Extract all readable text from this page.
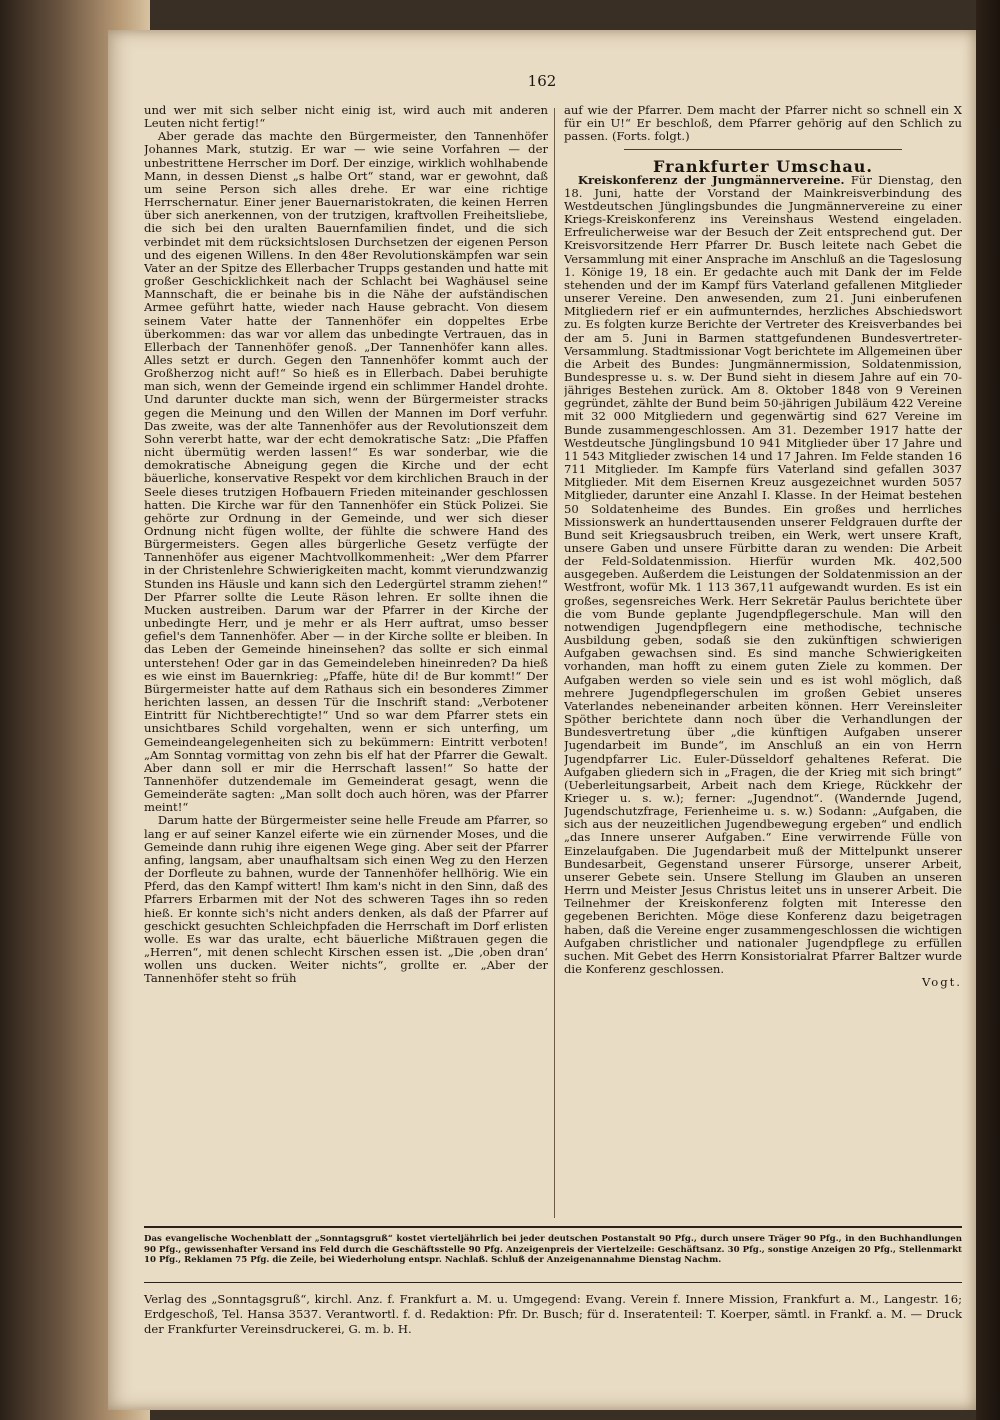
162

und wer mit sich selber nicht einig ist, wird auch mit anderen Leuten nicht fertig!“

Aber gerade das machte den Bürgermeister, den Tannenhöfer Johannes Mark, stutzig. Er war — wie seine Vorfahren — der unbestrittene Herrscher im Dorf. Der einzige, wirklich wohlhabende Mann, in dessen Dienst „s halbe Ort“ stand, war er gewohnt, daß um seine Person sich alles drehe. Er war eine richtige Herrschernatur. Einer jener Bauernaristokraten, die keinen Herren über sich anerkennen, von der trutzigen, kraftvollen Freiheitsliebe, die sich bei den uralten Bauernfamilien findet, und die sich verbindet mit dem rücksichtslosen Durchsetzen der eigenen Person und des eigenen Willens. In den 48er Revolutionskämpfen war sein Vater an der Spitze des Ellerbacher Trupps gestanden und hatte mit großer Geschicklichkeit nach der Schlacht bei Waghäusel seine Mannschaft, die er beinahe bis in die Nähe der aufständischen Armee geführt hatte, wieder nach Hause gebracht. Von diesem seinem Vater hatte der Tannenhöfer ein doppeltes Erbe überkommen: das war vor allem das unbedingte Vertrauen, das in Ellerbach der Tannenhöfer genoß. „Der Tannenhöfer kann alles. Alles setzt er durch. Gegen den Tannenhöfer kommt auch der Großherzog nicht auf!“ So hieß es in Ellerbach. Dabei beruhigte man sich, wenn der Gemeinde irgend ein schlimmer Handel drohte. Und darunter duckte man sich, wenn der Bürgermeister stracks gegen die Meinung und den Willen der Mannen im Dorf verfuhr. Das zweite, was der alte Tannenhöfer aus der Revolutionszeit dem Sohn vererbt hatte, war der echt demokratische Satz: „Die Pfaffen nicht übermütig werden lassen!“ Es war sonderbar, wie die demokratische Abneigung gegen die Kirche und der echt bäuerliche, konservative Respekt vor dem kirchlichen Brauch in der Seele dieses trutzigen Hofbauern Frieden miteinander geschlossen hatten. Die Kirche war für den Tannenhöfer ein Stück Polizei. Sie gehörte zur Ordnung in der Gemeinde, und wer sich dieser Ordnung nicht fügen wollte, der fühlte die schwere Hand des Bürgermeisters. Gegen alles bürgerliche Gesetz verfügte der Tannenhöfer aus eigener Machtvollkommenheit: „Wer dem Pfarrer in der Christenlehre Schwierigkeiten macht, kommt vierundzwanzig Stunden ins Häusle und kann sich den Ledergürtel stramm ziehen!“ Der Pfarrer sollte die Leute Räson lehren. Er sollte ihnen die Mucken austreiben. Darum war der Pfarrer in der Kirche der unbedingte Herr, und je mehr er als Herr auftrat, umso besser gefiel's dem Tannenhöfer. Aber — in der Kirche sollte er bleiben. In das Leben der Gemeinde hineinsehen? das sollte er sich einmal unterstehen! Oder gar in das Gemeindeleben hineinreden? Da hieß es wie einst im Bauernkrieg: „Pfaffe, hüte di! de Bur kommt!“ Der Bürgermeister hatte auf dem Rathaus sich ein besonderes Zimmer herichten lassen, an dessen Tür die Inschrift stand: „Verbotener Eintritt für Nichtberechtigte!“ Und so war dem Pfarrer stets ein unsichtbares Schild vorgehalten, wenn er sich unterfing, um Gemeindeangelegenheiten sich zu bekümmern: Eintritt verboten! „Am Sonntag vormittag von zehn bis elf hat der Pfarrer die Gewalt. Aber dann soll er mir die Herrschaft lassen!“ So hatte der Tannenhöfer dutzendemale im Gemeinderat gesagt, wenn die Gemeinderäte sagten: „Man sollt doch auch hören, was der Pfarrer meint!“

Darum hatte der Bürgermeister seine helle Freude am Pfarrer, so lang er auf seiner Kanzel eiferte wie ein zürnender Moses, und die Gemeinde dann ruhig ihre eigenen Wege ging. Aber seit der Pfarrer anfing, langsam, aber unaufhaltsam sich einen Weg zu den Herzen der Dorfleute zu bahnen, wurde der Tannenhöfer hellhörig. Wie ein Pferd, das den Kampf wittert! Ihm kam's nicht in den Sinn, daß des Pfarrers Erbarmen mit der Not des schweren Tages ihn so reden hieß. Er konnte sich's nicht anders denken, als daß der Pfarrer auf geschickt gesuchten Schleichpfaden die Herrschaft im Dorf erlisten wolle. Es war das uralte, echt bäuerliche Mißtrauen gegen die „Herren“, mit denen schlecht Kirschen essen ist. „Die ‚oben dran‘ wollen uns ducken. Weiter nichts“, grollte er. „Aber der Tannenhöfer steht so früh

auf wie der Pfarrer. Dem macht der Pfarrer nicht so schnell ein X für ein U!“ Er beschloß, dem Pfarrer gehörig auf den Schlich zu passen. (Forts. folgt.)

Frankfurter Umschau.

Kreiskonferenz der Jungmännervereine. Für Dienstag, den 18. Juni, hatte der Vorstand der Mainkreisverbindung des Westdeutschen Jünglingsbundes die Jungmännervereine zu einer Kriegs-Kreiskonferenz ins Vereinshaus Westend eingeladen. Erfreulicherweise war der Besuch der Zeit entsprechend gut. Der Kreisvorsitzende Herr Pfarrer Dr. Busch leitete nach Gebet die Versammlung mit einer Ansprache im Anschluß an die Tageslosung 1. Könige 19, 18 ein. Er gedachte auch mit Dank der im Felde stehenden und der im Kampf fürs Vaterland gefallenen Mitglieder unserer Vereine. Den anwesenden, zum 21. Juni einberufenen Mitgliedern rief er ein aufmunterndes, herzliches Abschiedswort zu. Es folgten kurze Berichte der Vertreter des Kreisverbandes bei der am 5. Juni in Barmen stattgefundenen Bundesvertreter-Versammlung. Stadtmissionar Vogt berichtete im Allgemeinen über die Arbeit des Bundes: Jungmännermission, Soldatenmission, Bundespresse u. s. w. Der Bund sieht in diesem Jahre auf ein 70-jähriges Bestehen zurück. Am 8. Oktober 1848 von 9 Vereinen gegründet, zählte der Bund beim 50-jährigen Jubiläum 422 Vereine mit 32 000 Mitgliedern und gegenwärtig sind 627 Vereine im Bunde zusammengeschlossen. Am 31. Dezember 1917 hatte der Westdeutsche Jünglingsbund 10 941 Mitglieder über 17 Jahre und 11 543 Mitglieder zwischen 14 und 17 Jahren. Im Felde standen 16 711 Mitglieder. Im Kampfe fürs Vaterland sind gefallen 3037 Mitglieder. Mit dem Eisernen Kreuz ausgezeichnet wurden 5057 Mitglieder, darunter eine Anzahl I. Klasse. In der Heimat bestehen 50 Soldatenheime des Bundes. Ein großes und herrliches Missionswerk an hunderttausenden unserer Feldgrauen durfte der Bund seit Kriegsausbruch treiben, ein Werk, wert unsere Kraft, unsere Gaben und unsere Fürbitte daran zu wenden: Die Arbeit der Feld-Soldatenmission. Hierfür wurden Mk. 402,500 ausgegeben. Außerdem die Leistungen der Soldatenmission an der Westfront, wofür Mk. 1 113 367,11 aufgewandt wurden. Es ist ein großes, segensreiches Werk. Herr Sekretär Paulus berichtete über die vom Bunde geplante Jugendpflegerschule. Man will den notwendigen Jugendpflegern eine methodische, technische Ausbildung geben, sodaß sie den zukünftigen schwierigen Aufgaben gewachsen sind. Es sind manche Schwierigkeiten vorhanden, man hofft zu einem guten Ziele zu kommen. Der Aufgaben werden so viele sein und es ist wohl möglich, daß mehrere Jugendpflegerschulen im großen Gebiet unseres Vaterlandes nebeneinander arbeiten können. Herr Vereinsleiter Spöther berichtete dann noch über die Verhandlungen der Bundesvertretung über „die künftigen Aufgaben unserer Jugendarbeit im Bunde“, im Anschluß an ein von Herrn Jugendpfarrer Lic. Euler-Düsseldorf gehaltenes Referat. Die Aufgaben gliedern sich in „Fragen, die der Krieg mit sich bringt“ (Ueberleitungsarbeit, Arbeit nach dem Kriege, Rückkehr der Krieger u. s. w.); ferner: „Jugendnot“. (Wandernde Jugend, Jugendschutzfrage, Ferienheime u. s. w.) Sodann: „Aufgaben, die sich aus der neuzeitlichen Jugendbewegung ergeben“ und endlich „das Innere unserer Aufgaben.“ Eine verwirrende Fülle von Einzelaufgaben. Die Jugendarbeit muß der Mittelpunkt unserer Bundesarbeit, Gegenstand unserer Fürsorge, unserer Arbeit, unserer Gebete sein. Unsere Stellung im Glauben an unseren Herrn und Meister Jesus Christus leitet uns in unserer Arbeit. Die Teilnehmer der Kreiskonferenz folgten mit Interesse den gegebenen Berichten. Möge diese Konferenz dazu beigetragen haben, daß die Vereine enger zusammengeschlossen die wichtigen Aufgaben christlicher und nationaler Jugendpflege zu erfüllen suchen. Mit Gebet des Herrn Konsistorialrat Pfarrer Baltzer wurde die Konferenz geschlossen.

Vogt.
Das evangelische Wochenblatt der „Sonntagsgruß“ kostet vierteljährlich bei jeder deutschen Postanstalt 90 Pfg., durch unsere Träger 90 Pfg., in den Buchhandlungen 90 Pfg., gewissenhafter Versand ins Feld durch die Geschäftsstelle 90 Pfg. Anzeigenpreis der Viertelzeile: Geschäftsanz. 30 Pfg., sonstige Anzeigen 20 Pfg., Stellenmarkt 10 Pfg., Reklamen 75 Pfg. die Zeile, bei Wiederholung entspr. Nachlaß. Schluß der Anzeigenannahme Dienstag Nachm.
Verlag des „Sonntagsgruß“, kirchl. Anz. f. Frankfurt a. M. u. Umgegend: Evang. Verein f. Innere Mission, Frankfurt a. M., Langestr. 16; Erdgeschoß, Tel. Hansa 3537. Verantwortl. f. d. Redaktion: Pfr. Dr. Busch; für d. Inseratenteil: T. Koerper, sämtl. in Frankf. a. M. — Druck der Frankfurter Vereinsdruckerei, G. m. b. H.
